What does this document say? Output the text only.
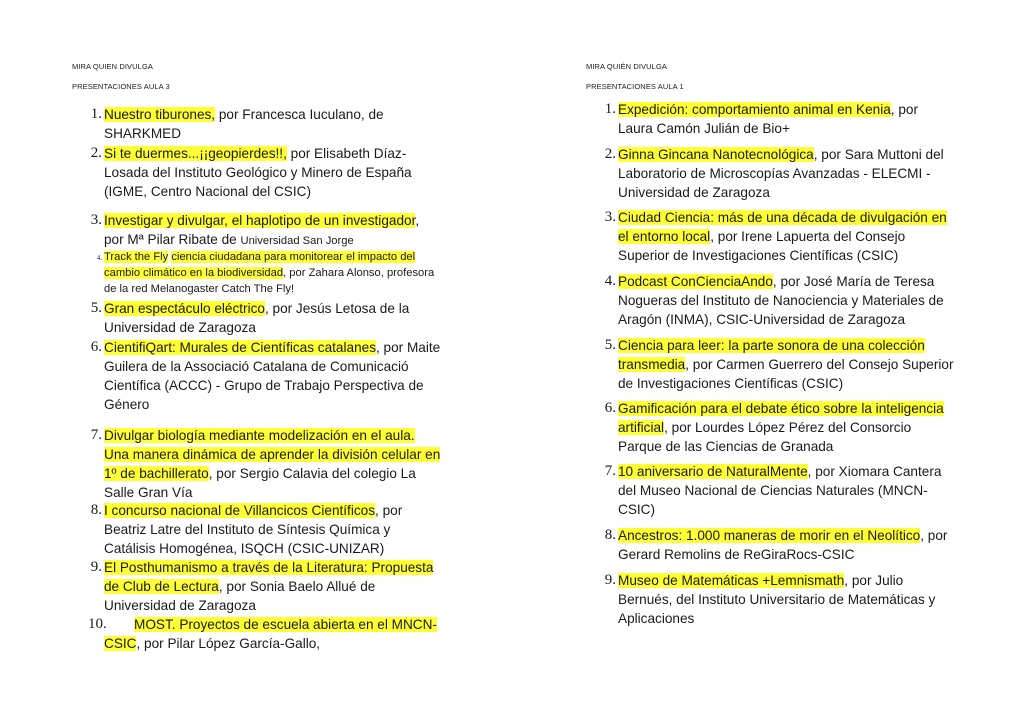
MIRA QUIEN DIVULGA
PRESENTACIONES AULA 3
1. Nuestro tiburones, por Francesca Iuculano, de SHARKMED
2. Si te duermes...¡¡geopierdes!!, por Elisabeth Díaz-Losada del Instituto Geológico y Minero de España (IGME, Centro Nacional del CSIC)
3. Investigar y divulgar, el haplotipo de un investigador, por Mª Pilar Ribate de Universidad San Jorge
4. Track the Fly ciencia ciudadana para monitorear el impacto del cambio climático en la biodiversidad, por Zahara Alonso, profesora de la red Melanogaster Catch The Fly!
5. Gran espectáculo eléctrico, por Jesús Letosa de la Universidad de Zaragoza
6. CientifiQart: Murales de Científicas catalanes, por Maite Guilera de la Associació Catalana de Comunicació Científica (ACCC) - Grupo de Trabajo Perspectiva de Género
7. Divulgar biología mediante modelización en el aula. Una manera dinámica de aprender la división celular en 1º de bachillerato, por Sergio Calavia del colegio La Salle Gran Vía
8. I concurso nacional de Villancicos Científicos, por Beatriz Latre del Instituto de Síntesis Química y Catálisis Homogénea, ISQCH (CSIC-UNIZAR)
9. El Posthumanismo a través de la Literatura: Propuesta de Club de Lectura, por Sonia Baelo Allué de Universidad de Zaragoza
10.	MOST. Proyectos de escuela abierta en el MNCN-CSIC, por Pilar López García-Gallo,
MIRA QUIÉN DIVULGA
PRESENTACIONES AULA 1
1. Expedición: comportamiento animal en Kenia, por Laura Camón Julián de Bio+
2. Ginna Gincana Nanotecnológica, por Sara Muttoni del Laboratorio de Microscopías Avanzadas - ELECMI - Universidad de Zaragoza
3. Ciudad Ciencia: más de una década de divulgación en el entorno local, por Irene Lapuerta del Consejo Superior de Investigaciones Científicas (CSIC)
4. Podcast ConCienciaAndo, por José María de Teresa Nogueras del Instituto de Nanociencia y Materiales de Aragón (INMA), CSIC-Universidad de Zaragoza
5. Ciencia para leer: la parte sonora de una colección transmedia, por Carmen Guerrero del Consejo Superior de Investigaciones Científicas (CSIC)
6. Gamificación para el debate ético sobre la inteligencia artificial, por Lourdes López Pérez del Consorcio Parque de las Ciencias de Granada
7. 10 aniversario de NaturalMente, por Xiomara Cantera del Museo Nacional de Ciencias Naturales (MNCN-CSIC)
8. Ancestros: 1.000 maneras de morir en el Neolítico, por Gerard Remolins de ReGiraRocs-CSIC
9. Museo de Matemáticas +Lemnismath, por Julio Bernués, del Instituto Universitario de Matemáticas y Aplicaciones
